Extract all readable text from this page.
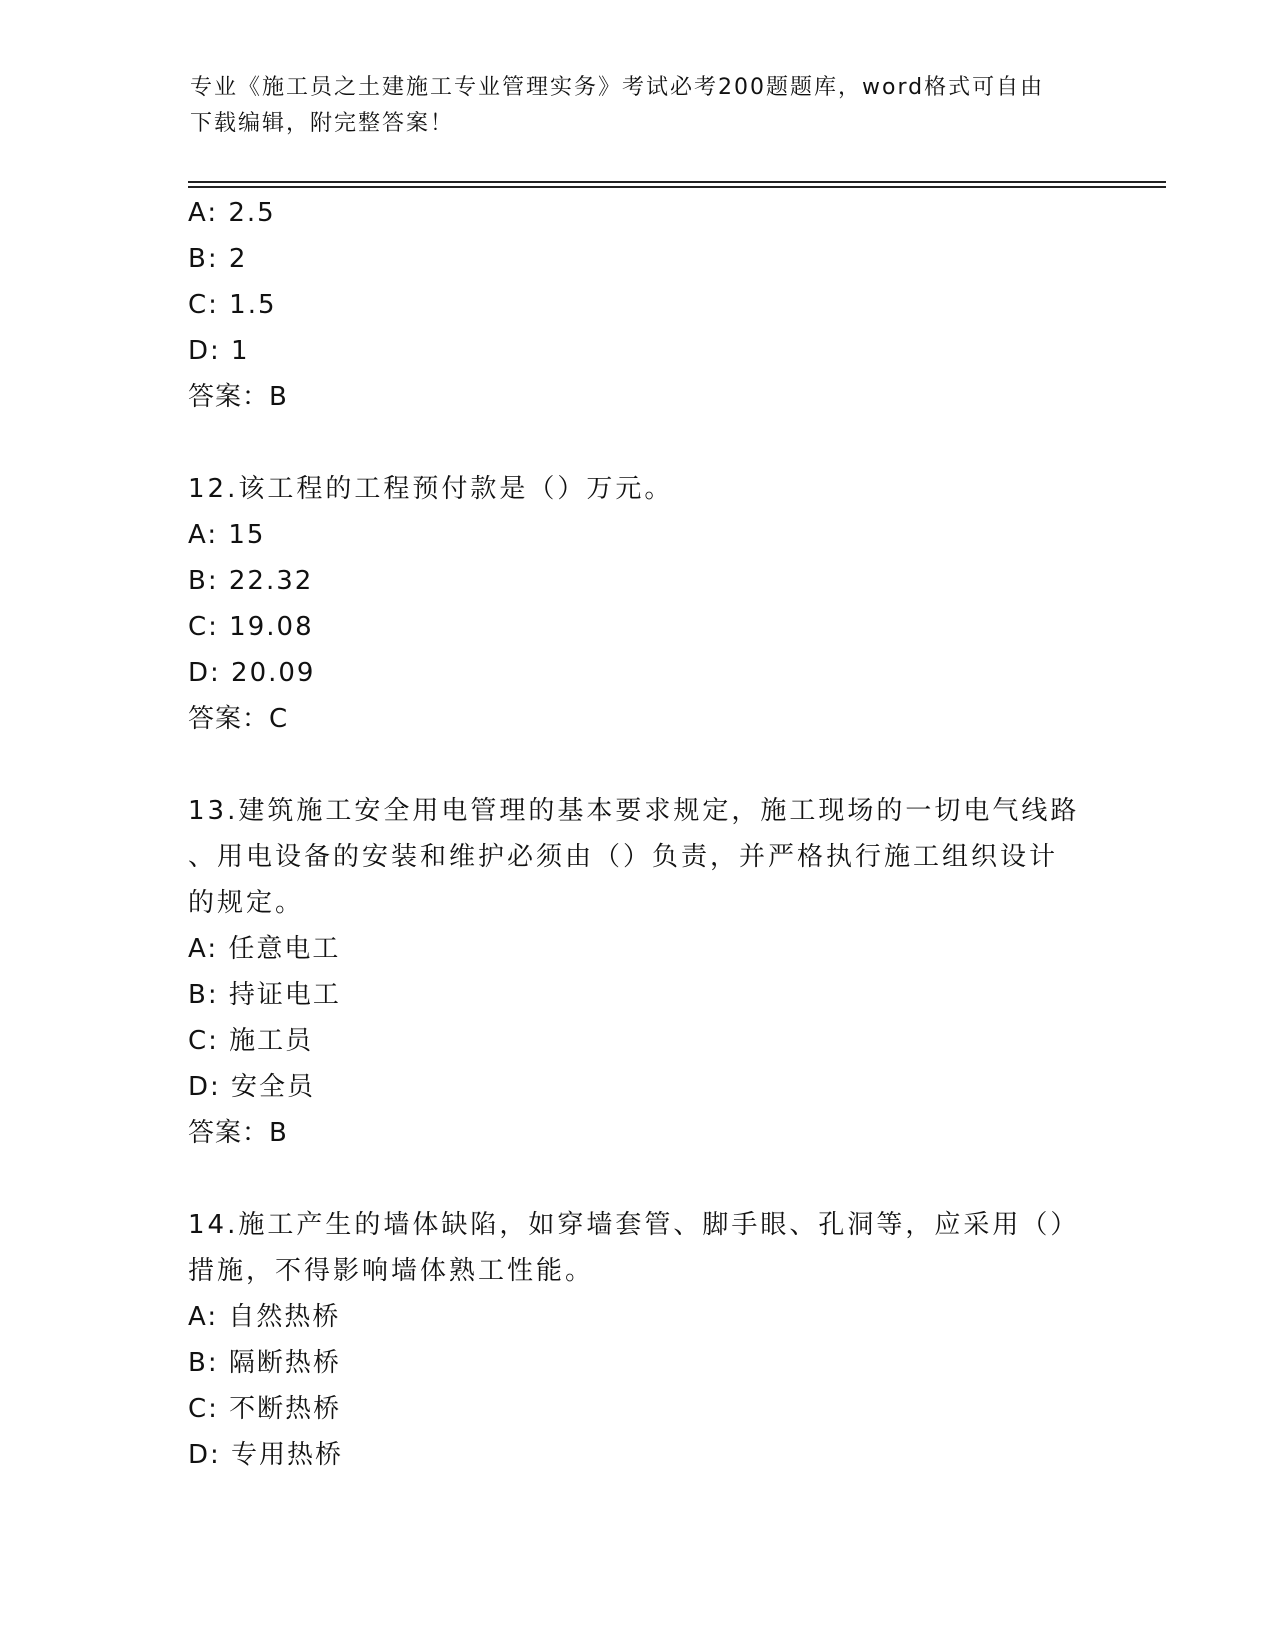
专业《施工员之土建施工专业管理实务》考试必考200题题库，word格式可自由
下载编辑，附完整答案！
A: 2.5
B: 2
C: 1.5
D: 1
答案：B
12.该工程的工程预付款是（）万元。
A: 15
B: 22.32
C: 19.08
D: 20.09
答案：C
13.建筑施工安全用电管理的基本要求规定，施工现场的一切电气线路
、用电设备的安装和维护必须由（）负责，并严格执行施工组织设计
的规定。
A: 任意电工
B: 持证电工
C: 施工员
D: 安全员
答案：B
14.施工产生的墙体缺陷，如穿墙套管、脚手眼、孔洞等，应采用（）
措施，不得影响墙体熟工性能。
A: 自然热桥
B: 隔断热桥
C: 不断热桥
D: 专用热桥
